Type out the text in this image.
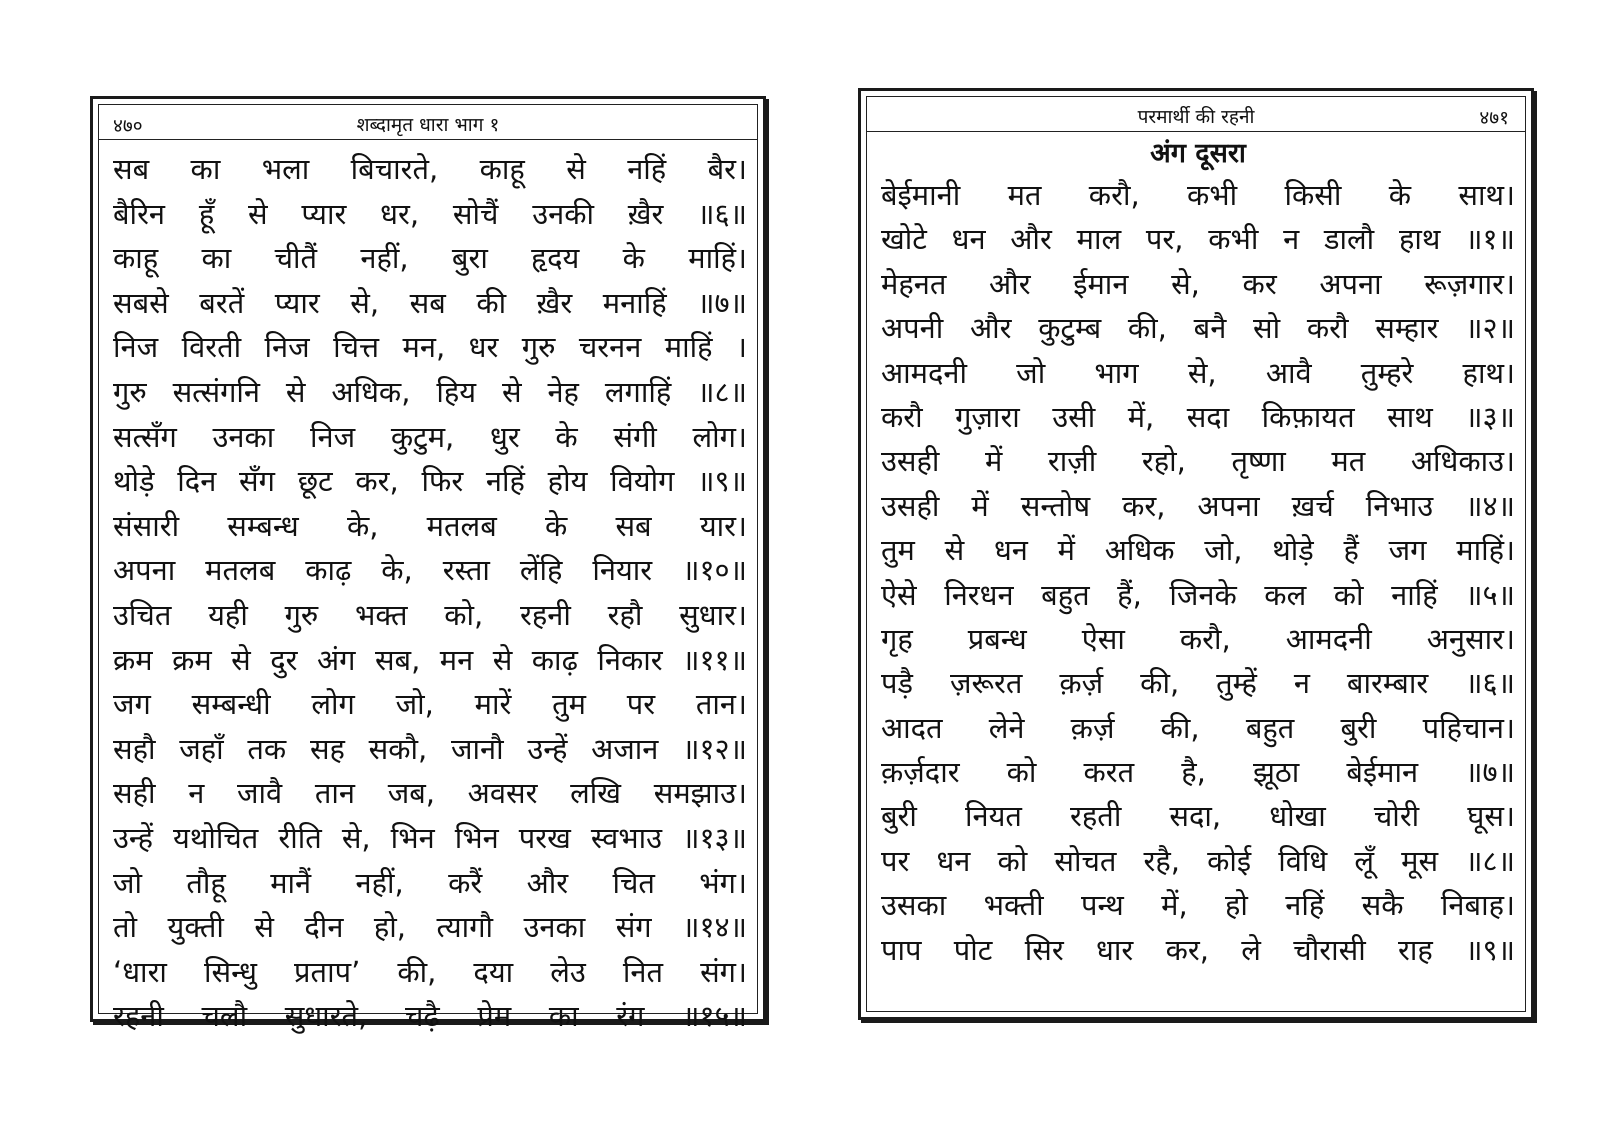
४७०	शब्दामृत धारा भाग १
सब का भला बिचारते, काहू से नहिं बैर।
बैरिन हूँ से प्यार धर, सोचैं उनकी ख़ैर ॥६॥
काहू का चीतैं नहीं, बुरा हृदय के माहिं।
सबसे बरतें प्यार से, सब की ख़ैर मनाहिं ॥७॥
निज विरती निज चित्त मन, धर गुरु चरनन माहिं ।
गुरु सत्संगनि से अधिक, हिय से नेह लगाहिं ॥८॥
सत्सँग उनका निज कुटुम, धुर के संगी लोग।
थोड़े दिन सँग छूट कर, फिर नहिं होय वियोग ॥९॥
संसारी सम्बन्ध के, मतलब के सब यार।
अपना मतलब काढ़ के, रस्ता लेंहि नियार ॥१०॥
उचित यही गुरु भक्त को, रहनी रहौ सुधार।
क्रम क्रम से दुर अंग सब, मन से काढ़ निकार ॥११॥
जग सम्बन्धी लोग जो, मारें तुम पर तान।
सहौ जहाँ तक सह सकौ, जानौ उन्हें अजान ॥१२॥
सही न जावै तान जब, अवसर लखि समझाउ।
उन्हें यथोचित रीति से, भिन भिन परख स्वभाउ ॥१३॥
जो तौहू मानैं नहीं, करैं और चित भंग।
तो युक्ती से दीन हो, त्यागौ उनका संग ॥१४॥
‘धारा सिन्धु प्रताप’ की, दया लेउ नित संग।
रहनी चलौ सुधारते, चढ़ै प्रेम का रंग ॥१५॥
परमार्थी की रहनी	४७१
अंग दूसरा
बेईमानी मत करौ, कभी किसी के साथ।
खोटे धन और माल पर, कभी न डालौ हाथ ॥१॥
मेहनत और ईमान से, कर अपना रूज़गार।
अपनी और कुटुम्ब की, बनै सो करौ सम्हार ॥२॥
आमदनी जो भाग से, आवै तुम्हरे हाथ।
करौ गुज़ारा उसी में, सदा किफ़ायत साथ ॥३॥
उसही में राज़ी रहो, तृष्णा मत अधिकाउ।
उसही में सन्तोष कर, अपना ख़र्च निभाउ ॥४॥
तुम से धन में अधिक जो, थोड़े हैं जग माहिं।
ऐसे निरधन बहुत हैं, जिनके कल को नाहिं ॥५॥
गृह प्रबन्ध ऐसा करौ, आमदनी अनुसार।
पड़ै ज़रूरत क़र्ज़ की, तुम्हें न बारम्बार ॥६॥
आदत लेने क़र्ज़ की, बहुत बुरी पहिचान।
क़र्ज़दार को करत है, झूठा बेईमान ॥७॥
बुरी नियत रहती सदा, धोखा चोरी घूस।
पर धन को सोचत रहै, कोई विधि लूँ मूस ॥८॥
उसका भक्ती पन्थ में, हो नहिं सकै निबाह।
पाप पोट सिर धार कर, ले चौरासी राह ॥९॥
